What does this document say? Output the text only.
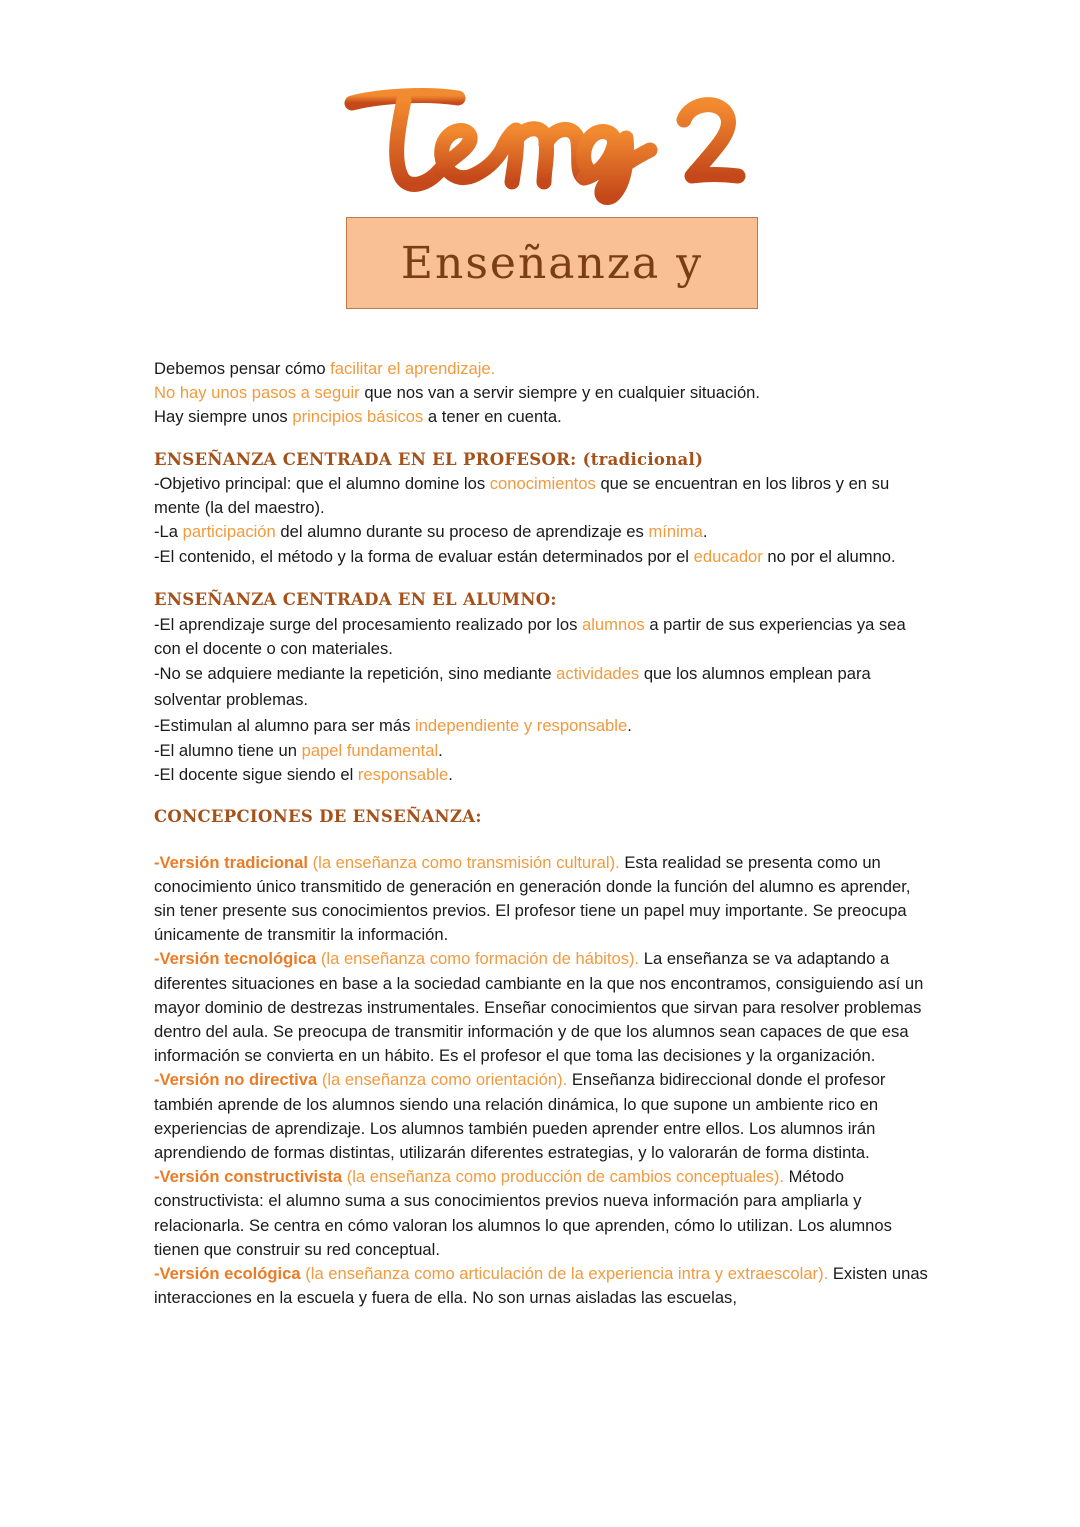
Enseñanza y

Debemos pensar cómo facilitar el aprendizaje.

No hay unos pasos a seguir que nos van a servir siempre y en cualquier situación.

Hay siempre unos principios básicos a tener en cuenta.

ENSEÑANZA CENTRADA EN EL PROFESOR: (tradicional)

-Objetivo principal: que el alumno domine los conocimientos que se encuentran en los libros y en su mente (la del maestro).

-La participación del alumno durante su proceso de aprendizaje es mínima.

-El contenido, el método y la forma de evaluar están determinados por el educador no por el alumno.

ENSEÑANZA CENTRADA EN EL ALUMNO:

-El aprendizaje surge del procesamiento realizado por los alumnos a partir de sus experiencias ya sea con el docente o con materiales.

-No se adquiere mediante la repetición, sino mediante actividades que los alumnos emplean para solventar problemas.

-Estimulan al alumno para ser más independiente y responsable.

-El alumno tiene un papel fundamental.

-El docente sigue siendo el responsable.

CONCEPCIONES DE ENSEÑANZA:

-Versión tradicional (la enseñanza como transmisión cultural). Esta realidad se presenta como un conocimiento único transmitido de generación en generación donde la función del alumno es aprender, sin tener presente sus conocimientos previos. El profesor tiene un papel muy importante. Se preocupa únicamente de transmitir la información.

-Versión tecnológica (la enseñanza como formación de hábitos). La enseñanza se va adaptando a diferentes situaciones en base a la sociedad cambiante en la que nos encontramos, consiguiendo así un mayor dominio de destrezas instrumentales. Enseñar conocimientos que sirvan para resolver problemas dentro del aula. Se preocupa de transmitir información y de que los alumnos sean capaces de que esa información se convierta en un hábito. Es el profesor el que toma las decisiones y la organización.

-Versión no directiva (la enseñanza como orientación). Enseñanza bidireccional donde el profesor también aprende de los alumnos siendo una relación dinámica, lo que supone un ambiente rico en experiencias de aprendizaje. Los alumnos también pueden aprender entre ellos. Los alumnos irán aprendiendo de formas distintas, utilizarán diferentes estrategias, y lo valorarán de forma distinta.

-Versión constructivista (la enseñanza como producción de cambios conceptuales). Método constructivista: el alumno suma a sus conocimientos previos nueva información para ampliarla y relacionarla. Se centra en cómo valoran los alumnos lo que aprenden, cómo lo utilizan. Los alumnos tienen que construir su red conceptual.

-Versión ecológica (la enseñanza como articulación de la experiencia intra y extraescolar). Existen unas interacciones en la escuela y fuera de ella. No son urnas aisladas las escuelas,
